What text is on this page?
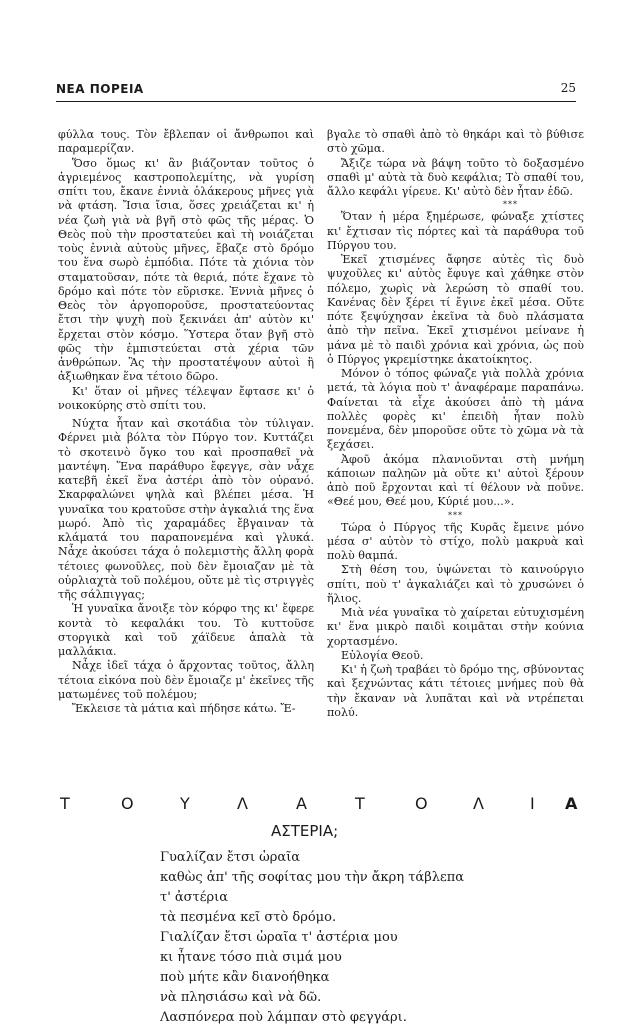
ΝΕΑ ΠΟΡΕΙΑ	25

φύλλα τους. Τὸν ἔβλεπαν οἱ ἄνθρωποι καὶ παραμερίζαν.

Ὅσο ὅμως κι' ἂν βιάζονταν τοῦτος ὁ ἀγριεμένος καστροπολεμίτης, νὰ γυρίση σπίτι του, ἔκανε ἐννιὰ ὁλάκερους μῆνες γιὰ νὰ φτάση. Ἴσια ἴσια, ὅσες χρειάζεται κι' ἡ νέα ζωὴ γιὰ νὰ βγῆ στὸ φῶς τῆς μέρας. Ὁ Θεὸς ποὺ τὴν προστατεύει καὶ τὴ νοιάζεται τοὺς ἐννιὰ αὐτοὺς μῆνες, ἔβαζε στὸ δρόμο του ἕνα σωρὸ ἐμπόδια. Πότε τὰ χιόνια τὸν σταματοῦσαν, πότε τὰ θεριά, πότε ἔχανε τὸ δρόμο καὶ πότε τὸν εὕρισκε. Ἐννιὰ μῆνες ὁ Θεὸς τὸν ἀργοποροῦσε, προστατεύοντας ἔτσι τὴν ψυχὴ ποὺ ξεκινάει ἀπ' αὐτὸν κι' ἔρχεται στὸν κόσμο. Ὕστερα ὅταν βγῆ στὸ φῶς τὴν ἐμπιστεύεται στὰ χέρια τῶν ἀνθρώπων. Ἂς τὴν προστατέψουν αὐτοὶ ἢ ἀξιωθηκαν ἕνα τέτοιο δῶρο.

Κι' ὅταν οἱ μῆνες τέλεψαν ἔφτασε κι' ὁ νοικοκύρης στὸ σπίτι του.

Νύχτα ἦταν καὶ σκοτάδια τὸν τύλιγαν. Φέρνει μιὰ βόλτα τὸν Πύργο τον. Κυττάζει τὸ σκοτεινὸ ὄγκο του καὶ προσπαθεῖ νὰ μαντέψη. Ἕνα παράθυρο ἔφεγγε, σὰν νἆχε κατεβῆ ἐκεῖ ἕνα ἀστέρι ἀπὸ τὸν οὐρανό. Σκαρφαλώνει ψηλὰ καὶ βλέπει μέσα. Ἡ γυναῖκα του κρατοῦσε στὴν ἀγκαλιά της ἕνα μωρό. Ἀπὸ τὶς χαραμάδες ἔβγαιναν τὰ κλάματά του παραπονεμένα καὶ γλυκά. Νἆχε ἀκούσει τάχα ὁ πολεμιστὴς ἄλλη φορὰ τέτοιες φωνοῦλες, ποὺ δὲν ἔμοιαζαν μὲ τὰ οὐρλιαχτὰ τοῦ πολέμου, οὔτε μὲ τὶς στριγγὲς τῆς σάλπιγγας;

Ἡ γυναῖκα ἄνοιξε τὸν κόρφο της κι' ἔφερε κοντὰ τὸ κεφαλάκι του. Τὸ κυττοῦσε στοργικὰ καὶ τοῦ χάϊδευε ἁπαλὰ τὰ μαλλάκια.

Νἆχε ἰδεῖ τάχα ὁ ἄρχοντας τοῦτος, ἄλλη τέτοια εἰκόνα ποὺ δὲν ἔμοιαζε μ' ἐκεῖνες τῆς ματωμένες τοῦ πολέμου;

Ἔκλεισε τὰ μάτια καὶ πήδησε κάτω. Ἔ-

βγαλε τὸ σπαθὶ ἀπὸ τὸ θηκάρι καὶ τὸ βύθισε στὸ χῶμα.

Ἄξιζε τώρα νὰ βάψη τοῦτο τὸ δοξασμένο σπαθὶ μ' αὐτὰ τὰ δυὸ κεφάλια; Τὸ σπαθί του, ἄλλο κεφάλι γίρευε. Κι' αὐτὸ δὲν ἦταν ἐδῶ.

***

Ὅταν ἡ μέρα ξημέρωσε, φώναξε χτίστες κι' ἔχτισαν τὶς πόρτες καὶ τὰ παράθυρα τοῦ Πύργου του.

Ἐκεῖ χτισμένες ἄφησε αὐτὲς τὶς δυὸ ψυχοῦλες κι' αὐτὸς ἔφυγε καὶ χάθηκε στὸν πόλεμο, χωρὶς νὰ λερώση τὸ σπαθί του. Κανένας δὲν ξέρει τί ἔγινε ἐκεῖ μέσα. Οὔτε πότε ξεψύχησαν ἐκεῖνα τὰ δυὸ πλάσματα ἀπὸ τὴν πεῖνα. Ἐκεῖ χτισμένοι μείνανε ἡ μάνα μὲ τὸ παιδὶ χρόνια καὶ χρόνια, ὡς ποὺ ὁ Πύργος γκρεμίστηκε ἀκατοίκητος.

Μόνον ὁ τόπος φώναζε γιὰ πολλὰ χρόνια μετά, τὰ λόγια ποὺ τ' ἀναφέραμε παραπάνω. Φαίνεται τὰ εἶχε ἀκούσει ἀπὸ τὴ μάνα πολλὲς φορὲς κι' ἐπειδὴ ἦταν πολὺ πονεμένα, δὲν μποροῦσε οὔτε τὸ χῶμα νὰ τὰ ξεχάσει.

Ἀφοῦ ἀκόμα πλανιοῦνται στὴ μνήμη κάποιων παληῶν μὰ οὔτε κι' αὐτοὶ ξέρουν ἀπὸ ποῦ ἔρχονται καὶ τί θέλουν νὰ ποῦνε. «Θεέ μου, Θεέ μου, Κύριέ μου...».

***

Τώρα ὁ Πύργος τῆς Κυρᾶς ἔμεινε μόνο μέσα σ' αὐτὸν τὸ στίχο, πολὺ μακρυὰ καὶ πολὺ θαμπά.

Στὴ θέση του, ὑψώνεται τὸ καινούργιο σπίτι, ποὺ τ' ἀγκαλιάζει καὶ τὸ χρυσώνει ὁ ἥλιος.

Μιὰ νέα γυναῖκα τὸ χαίρεται εὐτυχισμένη κι' ἕνα μικρὸ παιδὶ κοιμᾶται στὴν κούνια χορτασμένο.

Εὐλογία Θεοῦ.

Κι' ἡ ζωὴ τραβάει τὸ δρόμο της, σβύνοντας καὶ ξεχνώντας κάτι τέτοιες μνήμες ποὺ θὰ τὴν ἔκαναν νὰ λυπᾶται καὶ νὰ ντρέπεται πολύ.

Τ	Ο	Υ	Λ	Α	Τ	Ο	Λ	Ι Α
ΑΣΤΕΡΙΑ;
Γυαλίζαν ἔτσι ὡραῖα
καθὼς ἀπ' τῆς σοφίτας μου τὴν ἄκρη τάβλεπα
τ' ἀστέρια
τὰ πεσμένα κεῖ στὸ δρόμο.
Γιαλίζαν ἔτσι ὡραῖα τ' ἀστέρια μου
κι ἦτανε τόσο πιὰ σιμά μου
ποὺ μήτε κἂν διανοήθηκα
νὰ πλησιάσω καὶ νὰ δῶ.
Λασπόνερα ποὺ λάμπαν στὸ φεγγάρι.
